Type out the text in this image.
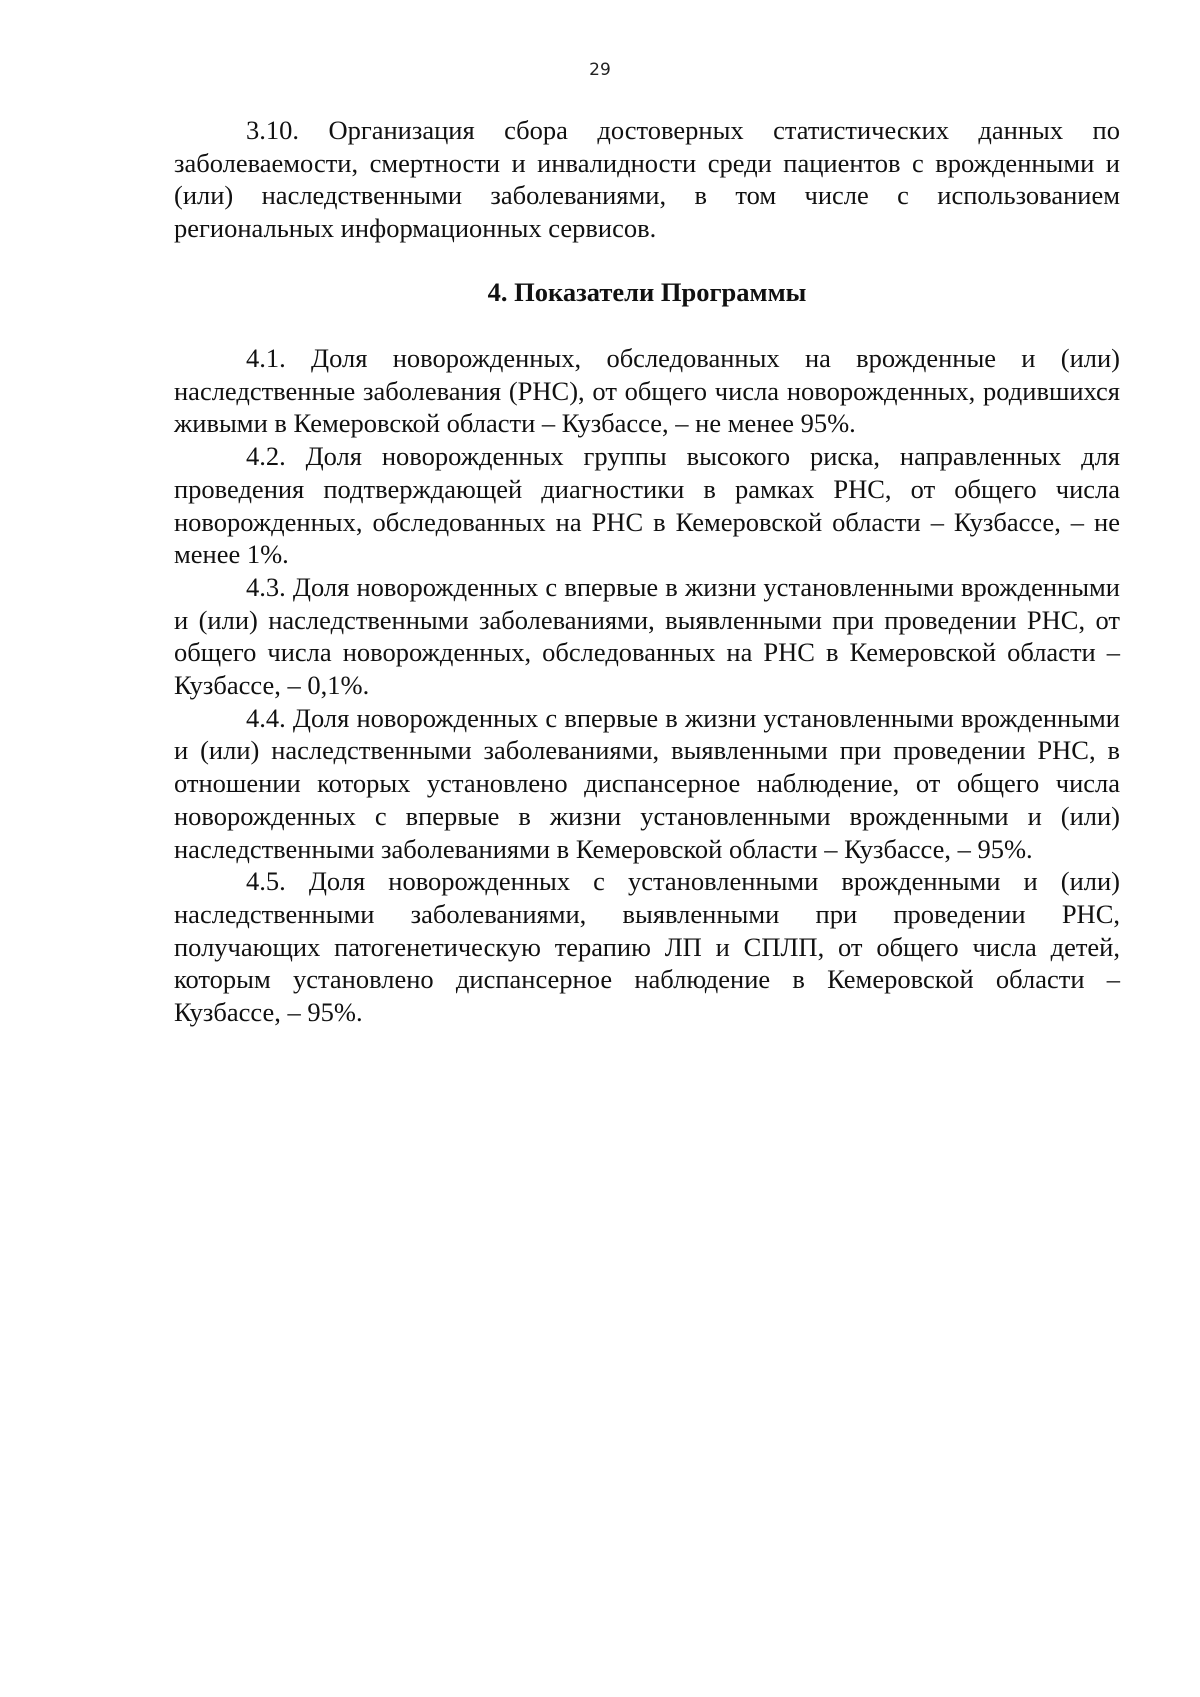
29

3.10. Организация сбора достоверных статистических данных по заболеваемости, смертности и инвалидности среди пациентов с врожденными и (или) наследственными заболеваниями, в том числе с использованием региональных информационных сервисов.

4. Показатели Программы

4.1. Доля новорожденных, обследованных на врожденные и (или) наследственные заболевания (РНС), от общего числа новорожденных, родившихся живыми в Кемеровской области – Кузбассе, – не менее 95%.

4.2. Доля новорожденных группы высокого риска, направленных для проведения подтверждающей диагностики в рамках РНС, от общего числа новорожденных, обследованных на РНС в Кемеровской области – Кузбассе, – не менее 1%.

4.3. Доля новорожденных с впервые в жизни установленными врожденными и (или) наследственными заболеваниями, выявленными при проведении РНС, от общего числа новорожденных, обследованных на РНС в Кемеровской области – Кузбассе, – 0,1%.

4.4. Доля новорожденных с впервые в жизни установленными врожденными и (или) наследственными заболеваниями, выявленными при проведении РНС, в отношении которых установлено диспансерное наблюдение, от общего числа новорожденных с впервые в жизни установленными врожденными и (или) наследственными заболеваниями в Кемеровской области – Кузбассе, – 95%.

4.5. Доля новорожденных с установленными врожденными и (или) наследственными заболеваниями, выявленными при проведении РНС, получающих патогенетическую терапию ЛП и СПЛП, от общего числа детей, которым установлено диспансерное наблюдение в Кемеровской области – Кузбассе, – 95%.
